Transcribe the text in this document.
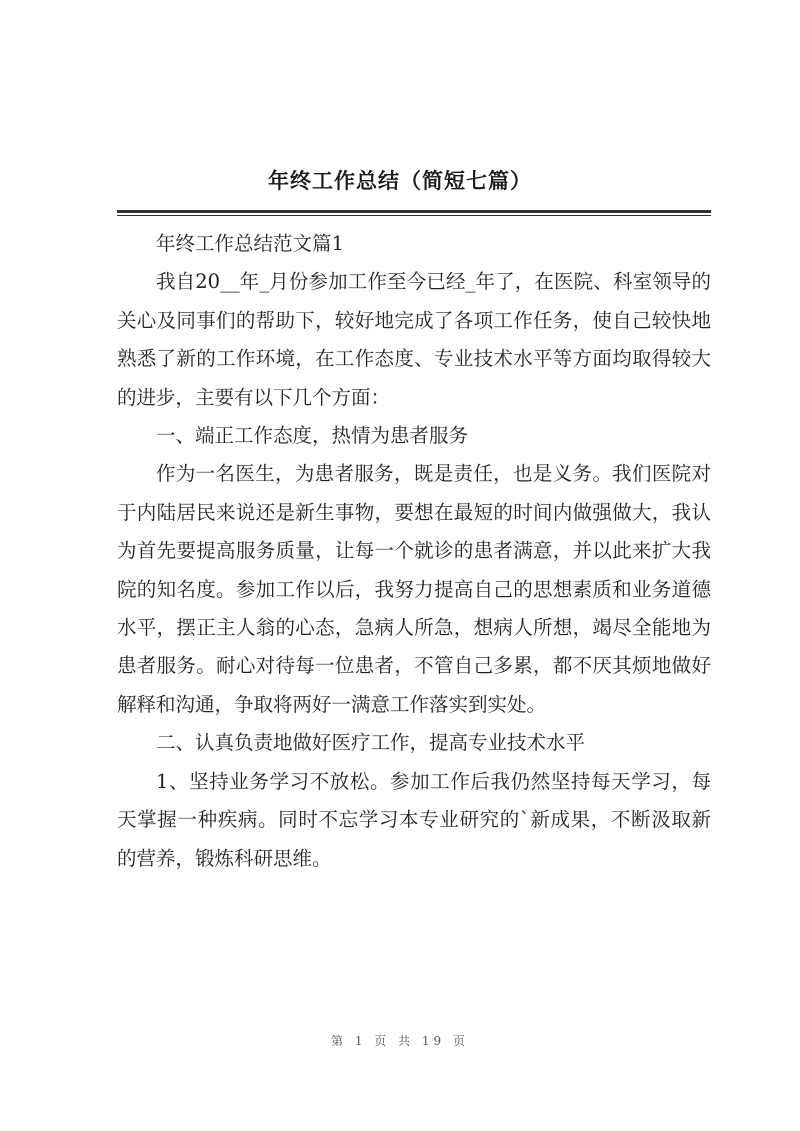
年终工作总结（简短七篇）

年终工作总结范文篇1

我自20__年_月份参加工作至今已经_年了，在医院、科室领导的关心及同事们的帮助下，较好地完成了各项工作任务，使自己较快地熟悉了新的工作环境，在工作态度、专业技术水平等方面均取得较大的进步，主要有以下几个方面：

一、端正工作态度，热情为患者服务

作为一名医生，为患者服务，既是责任，也是义务。我们医院对于内陆居民来说还是新生事物，要想在最短的时间内做强做大，我认为首先要提高服务质量，让每一个就诊的患者满意，并以此来扩大我院的知名度。参加工作以后，我努力提高自己的思想素质和业务道德水平，摆正主人翁的心态，急病人所急，想病人所想，竭尽全能地为患者服务。耐心对待每一位患者，不管自己多累，都不厌其烦地做好解释和沟通，争取将两好一满意工作落实到实处。

二、认真负责地做好医疗工作，提高专业技术水平

1、坚持业务学习不放松。参加工作后我仍然坚持每天学习，每天掌握一种疾病。同时不忘学习本专业研究的`新成果，不断汲取新的营养，锻炼科研思维。

第 1 页 共 19 页
